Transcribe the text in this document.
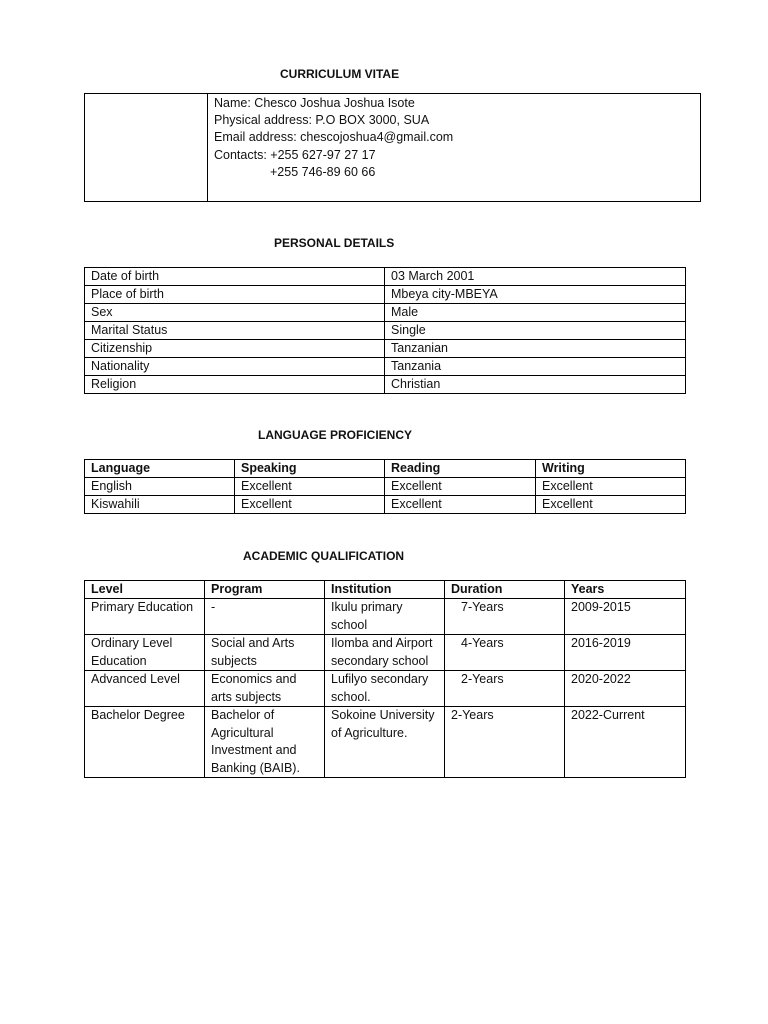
CURRICULUM VITAE

Name: Chesco Joshua Joshua Isote
Physical address: P.O BOX 3000, SUA
Email address: chescojoshua4@gmail.com
Contacts: +255 627-97 27 17
+255 746-89 60 66
PERSONAL DETAILS
Date of birth	03 March 2001
Place of birth	Mbeya city-MBEYA
Sex	Male
Marital Status	Single
Citizenship	Tanzanian
Nationality	Tanzania
Religion	Christian
LANGUAGE PROFICIENCY
Language	Speaking	Reading	Writing
English	Excellent	Excellent	Excellent
Kiswahili	Excellent	Excellent	Excellent
ACADEMIC QUALIFICATION
Level	Program	Institution	Duration	Years
Primary Education	-	Ikulu primary school	7-Years	2009-2015
Ordinary Level Education	Social and Arts subjects	Ilomba and Airport secondary school	4-Years	2016-2019
Advanced Level	Economics and arts subjects	Lufilyo secondary school.	2-Years	2020-2022
Bachelor Degree	Bachelor of Agricultural Investment and Banking (BAIB).	Sokoine University of Agriculture.	2-Years	2022-Current
